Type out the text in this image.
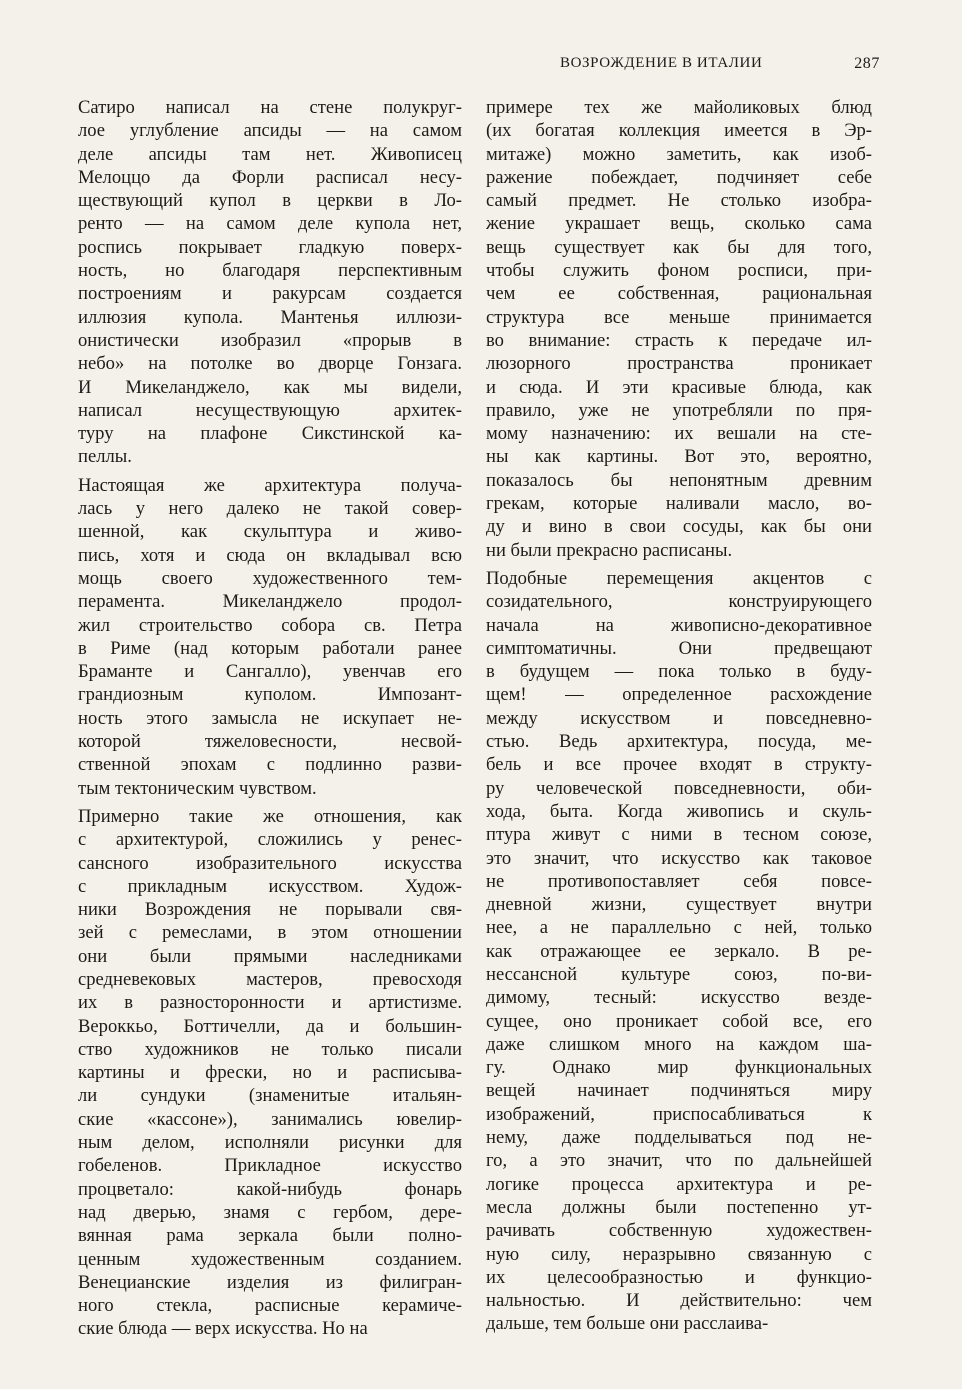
ВОЗРОЖДЕНИЕ В ИТАЛИИ	287
Сатиро написал на стене полукруг-
лое углубление апсиды — на самом
деле апсиды там нет. Живописец
Мелоццо да Форли расписал несу-
ществующий купол в церкви в Ло-
ренто — на самом деле купола нет,
роспись покрывает гладкую поверх-
ность, но благодаря перспективным
построениям и ракурсам создается
иллюзия купола. Мантенья иллюзи-
онистически изобразил «прорыв в
небо» на потолке во дворце Гонзага.
И Микеланджело, как мы видели,
написал несуществующую архитек-
туру на плафоне Сикстинской ка-
пеллы.
Настоящая же архитектура получа-
лась у него далеко не такой совер-
шенной, как скульптура и живо-
пись, хотя и сюда он вкладывал всю
мощь своего художественного тем-
перамента. Микеланджело продол-
жил строительство собора св. Петра
в Риме (над которым работали ранее
Браманте и Сангалло), увенчав его
грандиозным куполом. Импозант-
ность этого замысла не искупает не-
которой тяжеловесности, несвой-
ственной эпохам с подлинно разви-
тым тектоническим чувством.
Примерно такие же отношения, как
с архитектурой, сложились у ренес-
сансного изобразительного искусства
с прикладным искусством. Худож-
ники Возрождения не порывали свя-
зей с ремеслами, в этом отношении
они были прямыми наследниками
средневековых мастеров, превосходя
их в разносторонности и артистизме.
Вероккьо, Боттичелли, да и большин-
ство художников не только писали
картины и фрески, но и расписыва-
ли сундуки (знаменитые итальян-
ские «кассоне»), занимались ювелир-
ным делом, исполняли рисунки для
гобеленов. Прикладное искусство
процветало: какой-нибудь фонарь
над дверью, знамя с гербом, дере-
вянная рама зеркала были полно-
ценным художественным созданием.
Венецианские изделия из филигран-
ного стекла, расписные керамиче-
ские блюда — верх искусства. Но на
примере тех же майоликовых блюд
(их богатая коллекция имеется в Эр-
митаже) можно заметить, как изоб-
ражение побеждает, подчиняет себе
самый предмет. Не столько изобра-
жение украшает вещь, сколько сама
вещь существует как бы для того,
чтобы служить фоном росписи, при-
чем ее собственная, рациональная
структура все меньше принимается
во внимание: страсть к передаче ил-
люзорного пространства проникает
и сюда. И эти красивые блюда, как
правило, уже не употребляли по пря-
мому назначению: их вешали на сте-
ны как картины. Вот это, вероятно,
показалось бы непонятным древним
грекам, которые наливали масло, во-
ду и вино в свои сосуды, как бы они
ни были прекрасно расписаны.
Подобные перемещения акцентов с
созидательного, конструирующего
начала на живописно-декоративное
симптоматичны. Они предвещают
в будущем — пока только в буду-
щем! — определенное расхождение
между искусством и повседневно-
стью. Ведь архитектура, посуда, ме-
бель и все прочее входят в структу-
ру человеческой повседневности, оби-
хода, быта. Когда живопись и скуль-
птура живут с ними в тесном союзе,
это значит, что искусство как таковое
не противопоставляет себя повсе-
дневной жизни, существует внутри
нее, а не параллельно с ней, только
как отражающее ее зеркало. В ре-
нессансной культуре союз, по-ви-
димому, тесный: искусство везде-
сущее, оно проникает собой все, его
даже слишком много на каждом ша-
гу. Однако мир функциональных
вещей начинает подчиняться миру
изображений, приспосабливаться к
нему, даже подделываться под не-
го, а это значит, что по дальнейшей
логике процесса архитектура и ре-
месла должны были постепенно ут-
рачивать собственную художествен-
ную силу, неразрывно связанную с
их целесообразностью и функцио-
нальностью. И действительно: чем
дальше, тем больше они расслаива-
